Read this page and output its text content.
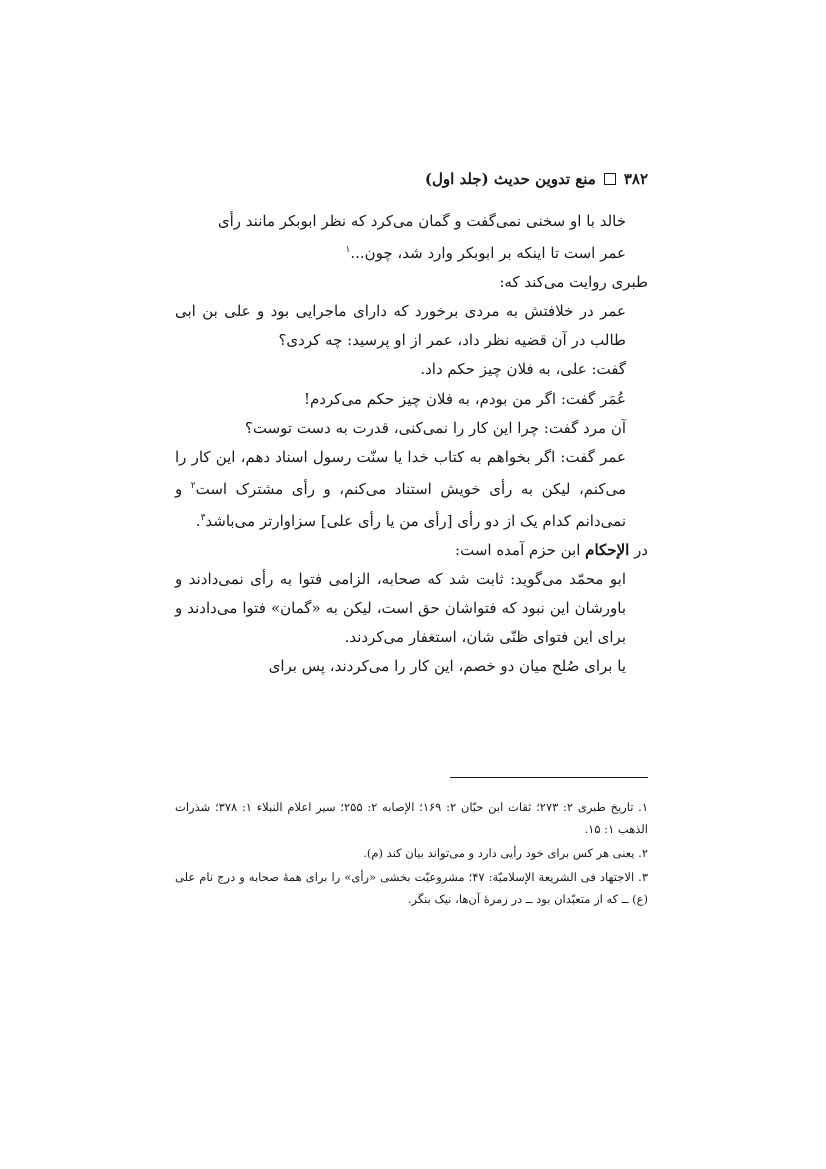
۳۸۲
منع تدوین حدیث (جلد اول)

خالد با او سخنی نمی‌گفت و گمان می‌کرد که نظر ابوبکر مانند رأی
عمر است تا اینکه بر ابوبکر وارد شد، چون...$^۱$

طبری روایت می‌کند که:

عمر در خلافتش به مردی برخورد که دارای ماجرایی بود و علی بن ابی طالب در آن قضیه نظر داد، عمر از او پرسید: چه کردی؟

گفت: علی، به فلان چیز حکم داد.

عُمَر گفت: اگر من بودم، به فلان چیز حکم می‌کردم!

آن مرد گفت: چرا این کار را نمی‌کنی، قدرت به دست توست؟

عمر گفت: اگر بخواهم به کتاب خدا یا سنّت رسول اسناد دهم، این کار را می‌کنم، لیکن به رأی خویش استناد می‌کنم، و رأی مشترک است$^۲$ و نمی‌دانم کدام یک از دو رأی [رأی من یا رأی علی] سزاوارتر می‌باشد$^۳$.

در الإحکام ابن حزم آمده است:

ابو محمّد می‌گوید: ثابت شد که صحابه، الزامی فتوا به رأی نمی‌دادند و باورشان این نبود که فتواشان حق است، لیکن به «گمان» فتوا می‌دادند و برای این فتوای ظنّی شان، استغفار می‌کردند.

یا برای صُلح میان دو خصم، این کار را می‌کردند، پس برای

۱. تاریخ طبری ۲: ۲۷۳؛ ثقات ابن حبّان ۲: ۱۶۹؛ الإصابه ۲: ۲۵۵؛ سیر اعلام النبلاء ۱: ۳۷۸؛ شذرات الذهب ۱: ۱۵.

۲. یعنی هر کس برای خود رأیی دارد و می‌تواند بیان کند (م).

۳. الاجتهاد فی الشریعة الإسلامیّة: ۴۷؛ مشروعیّت بخشی «رأی» را برای همهٔ صحابه و درج نام علی (ع) ــ که از متعبّدان بود ــ در زمرهٔ آن‌ها، نیک بنگر.
